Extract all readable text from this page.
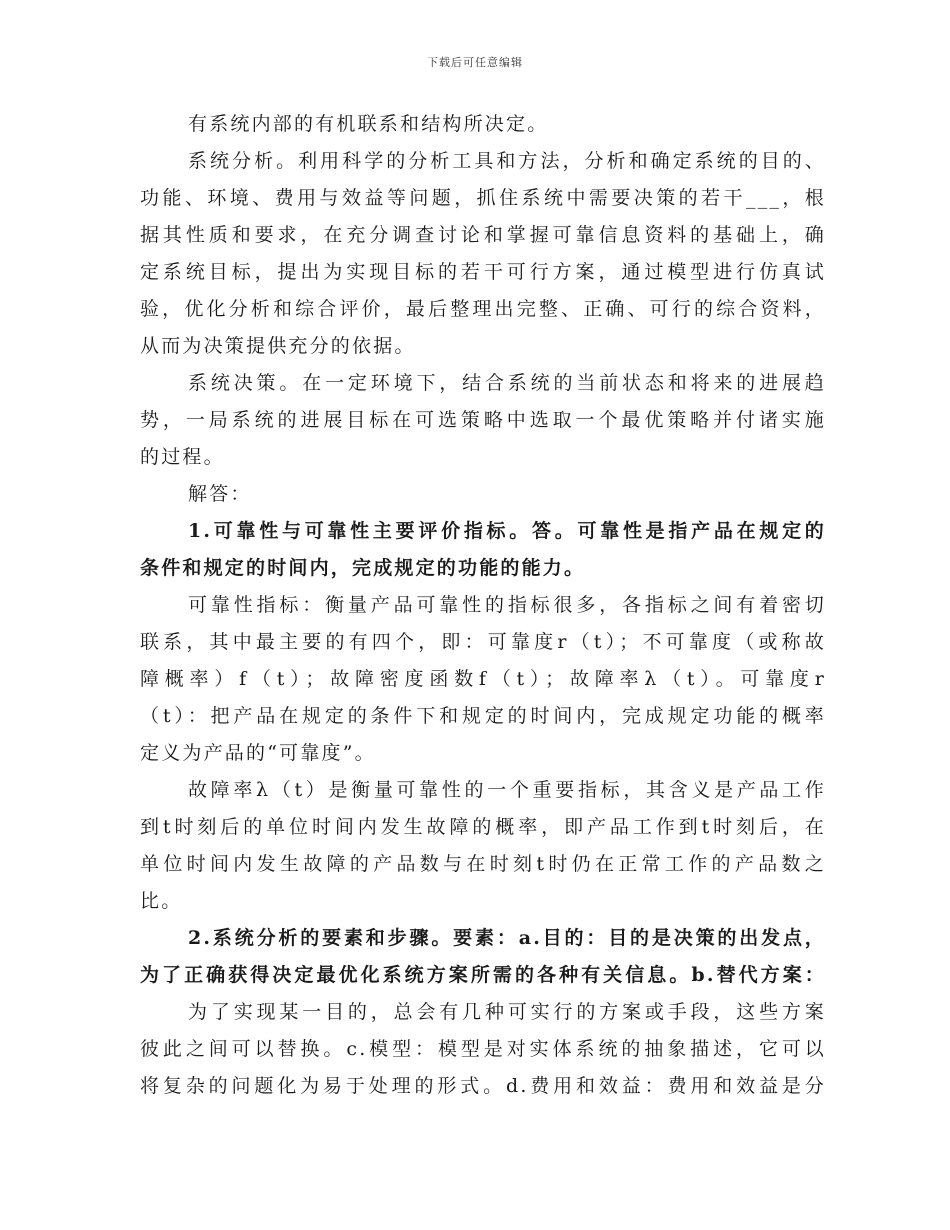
下载后可任意编辑
有系统内部的有机联系和结构所决定。
系统分析。利用科学的分析工具和方法，分析和确定系统的目的、
功能、环境、费用与效益等问题，抓住系统中需要决策的若干___，根
据其性质和要求，在充分调查讨论和掌握可靠信息资料的基础上，确
定系统目标，提出为实现目标的若干可行方案，通过模型进行仿真试
验，优化分析和综合评价，最后整理出完整、正确、可行的综合资料，
从而为决策提供充分的依据。
系统决策。在一定环境下，结合系统的当前状态和将来的进展趋
势，一局系统的进展目标在可选策略中选取一个最优策略并付诸实施
的过程。
解答：
1.可靠性与可靠性主要评价指标。答。可靠性是指产品在规定的
条件和规定的时间内，完成规定的功能的能力。
可靠性指标：衡量产品可靠性的指标很多，各指标之间有着密切
联系，其中最主要的有四个，即：可靠度r（t）；不可靠度（或称故
障概率）f（t）；故障密度函数f（t）；故障率λ（t）。可靠度r
（t）：把产品在规定的条件下和规定的时间内，完成规定功能的概率
定义为产品的“可靠度”。
故障率λ（t）是衡量可靠性的一个重要指标，其含义是产品工作
到t时刻后的单位时间内发生故障的概率，即产品工作到t时刻后，在
单位时间内发生故障的产品数与在时刻t时仍在正常工作的产品数之
比。
2.系统分析的要素和步骤。要素：a.目的：目的是决策的出发点，
为了正确获得决定最优化系统方案所需的各种有关信息。b.替代方案：
为了实现某一目的，总会有几种可实行的方案或手段，这些方案
彼此之间可以替换。c.模型：模型是对实体系统的抽象描述，它可以
将复杂的问题化为易于处理的形式。d.费用和效益：费用和效益是分
